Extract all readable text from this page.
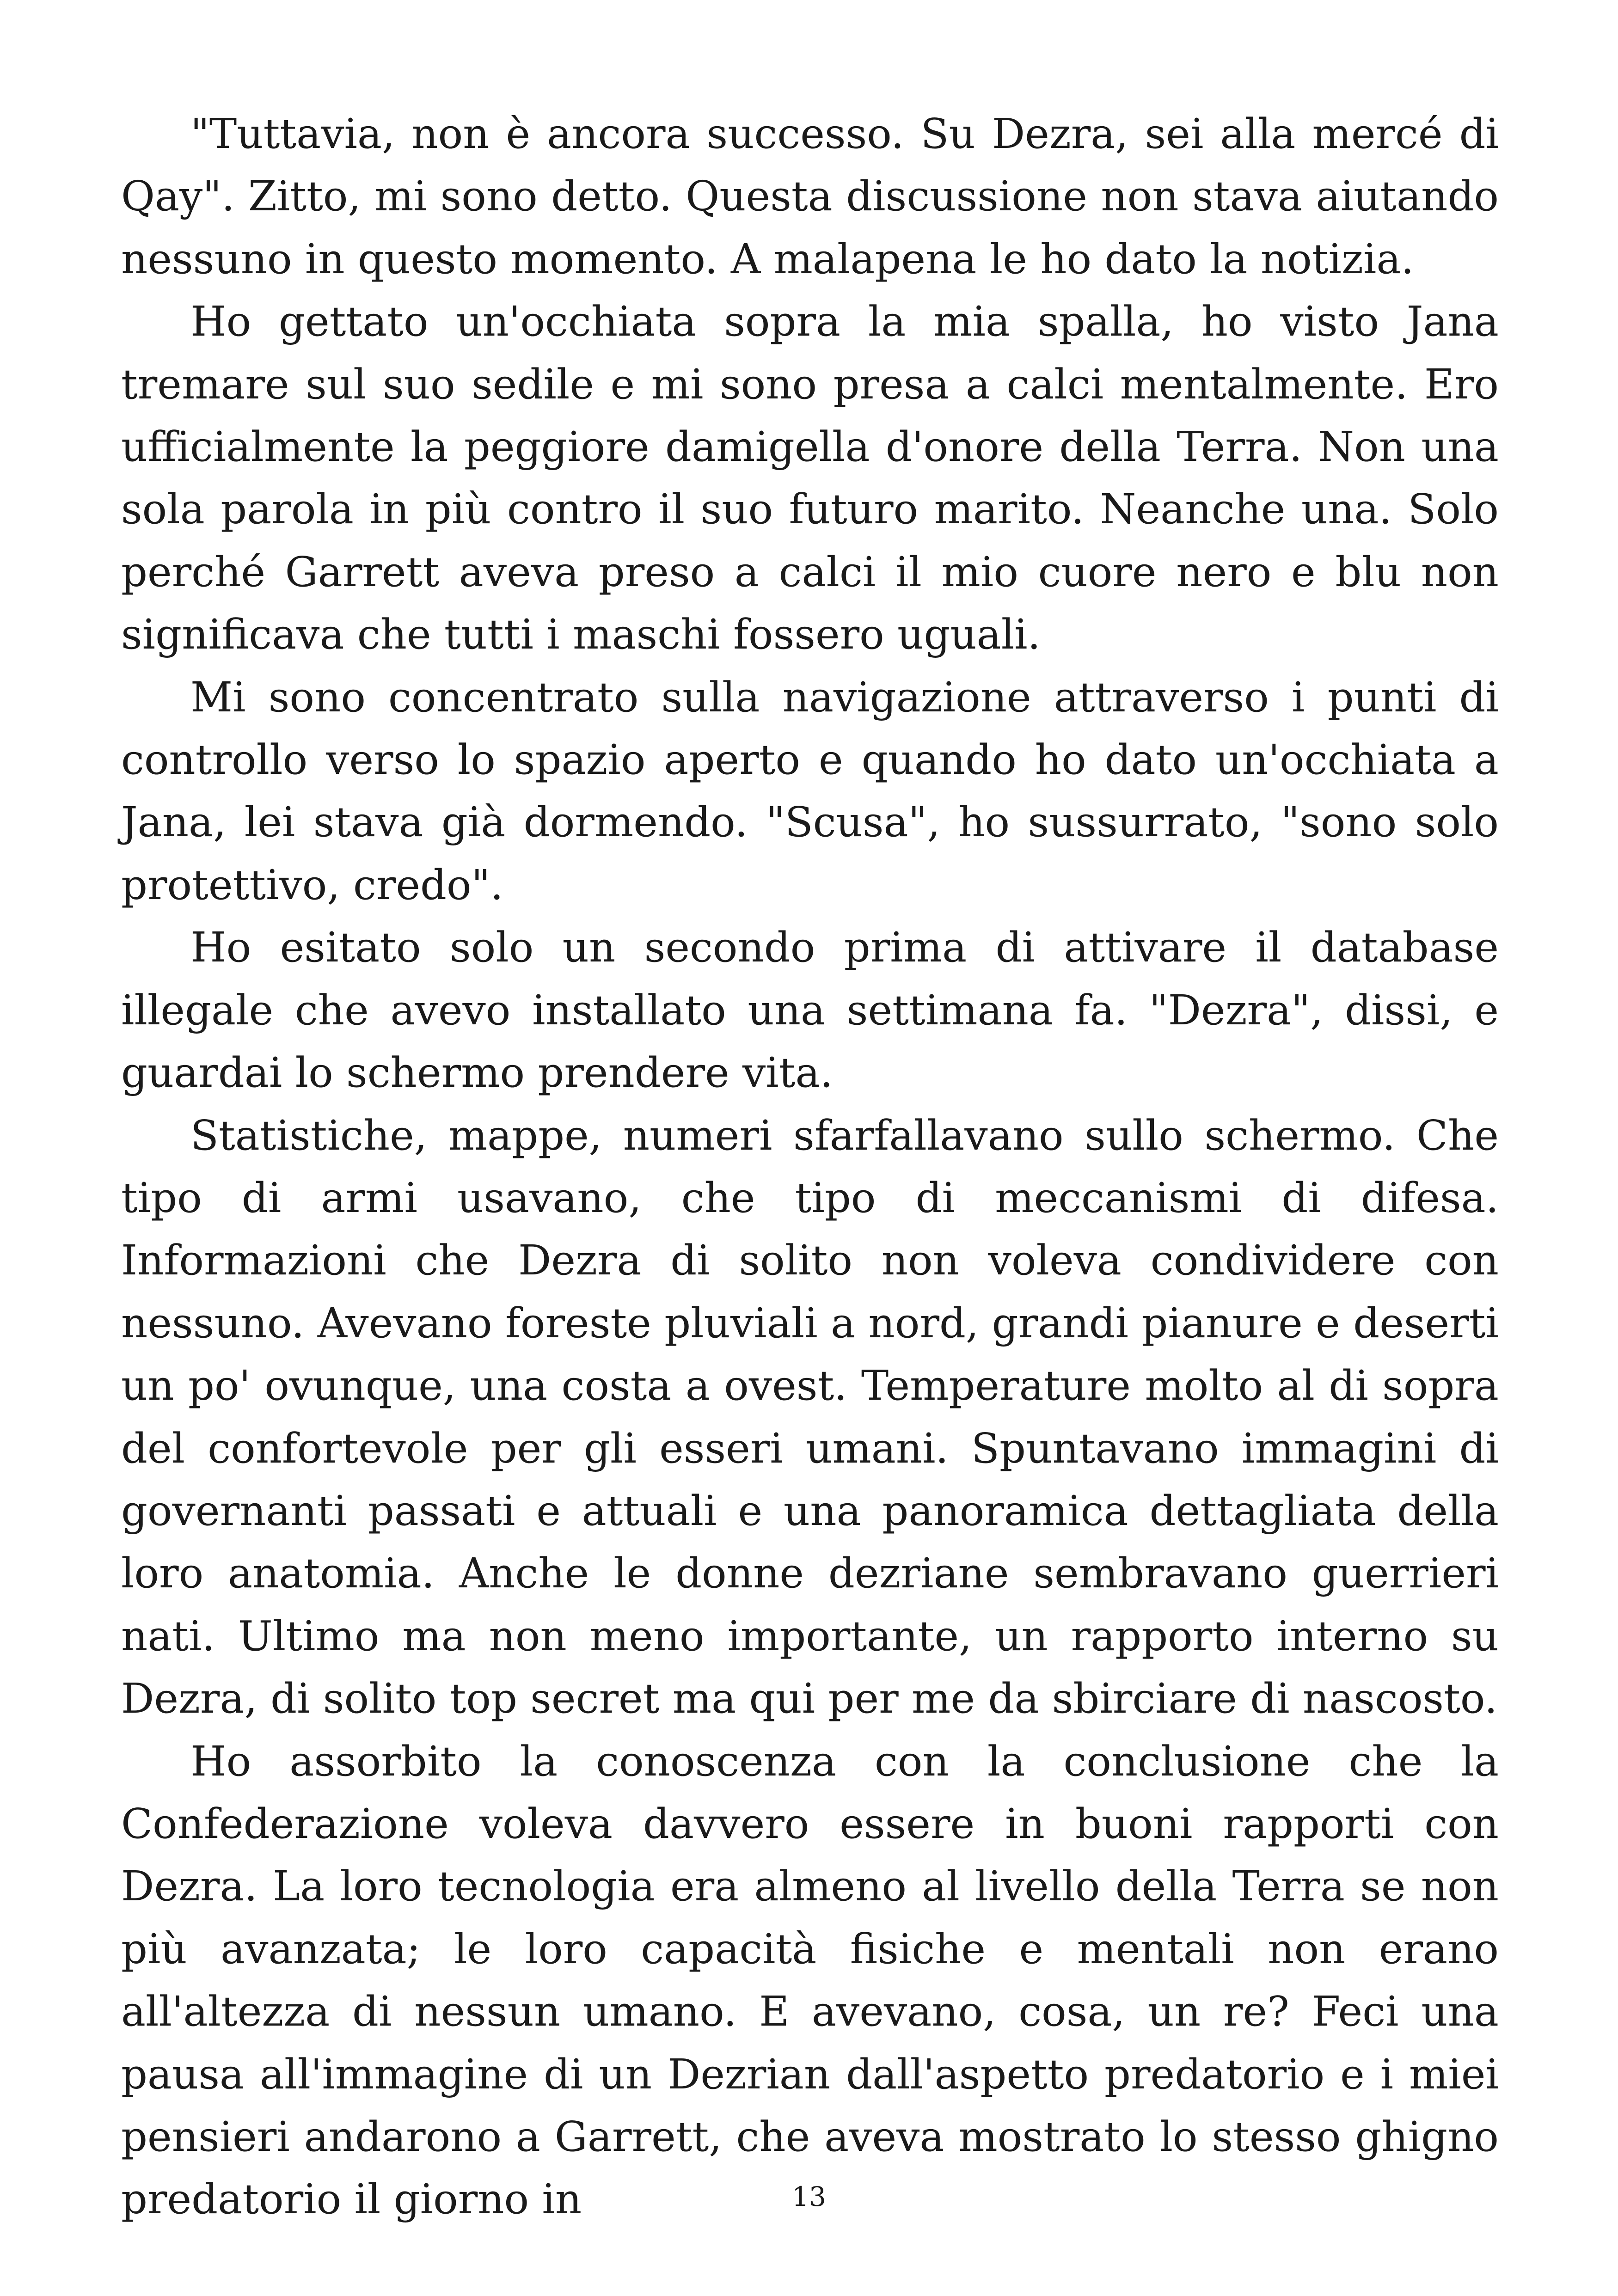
"Tuttavia, non è ancora successo. Su Dezra, sei alla mercé di Qay". Zitto, mi sono detto. Questa discussione non stava aiutando nessuno in questo momento. A malapena le ho dato la notizia.

Ho gettato un'occhiata sopra la mia spalla, ho visto Jana tremare sul suo sedile e mi sono presa a calci mentalmente. Ero ufficialmente la peggiore damigella d'onore della Terra. Non una sola parola in più contro il suo futuro marito. Neanche una. Solo perché Garrett aveva preso a calci il mio cuore nero e blu non significava che tutti i maschi fossero uguali.

Mi sono concentrato sulla navigazione attraverso i punti di controllo verso lo spazio aperto e quando ho dato un'occhiata a Jana, lei stava già dormendo. "Scusa", ho sussurrato, "sono solo protettivo, credo".

Ho esitato solo un secondo prima di attivare il database illegale che avevo installato una settimana fa. "Dezra", dissi, e guardai lo schermo prendere vita.

Statistiche, mappe, numeri sfarfallavano sullo schermo. Che tipo di armi usavano, che tipo di meccanismi di difesa. Informazioni che Dezra di solito non voleva condividere con nessuno. Avevano foreste pluviali a nord, grandi pianure e deserti un po' ovunque, una costa a ovest. Temperature molto al di sopra del confortevole per gli esseri umani. Spuntavano immagini di governanti passati e attuali e una panoramica dettagliata della loro anatomia. Anche le donne dezriane sembravano guerrieri nati. Ultimo ma non meno importante, un rapporto interno su Dezra, di solito top secret ma qui per me da sbirciare di nascosto.

Ho assorbito la conoscenza con la conclusione che la Confederazione voleva davvero essere in buoni rapporti con Dezra. La loro tecnologia era almeno al livello della Terra se non più avanzata; le loro capacità fisiche e mentali non erano all'altezza di nessun umano. E avevano, cosa, un re? Feci una pausa all'immagine di un Dezrian dall'aspetto predatorio e i miei pensieri andarono a Garrett, che aveva mostrato lo stesso ghigno predatorio il giorno in	13
